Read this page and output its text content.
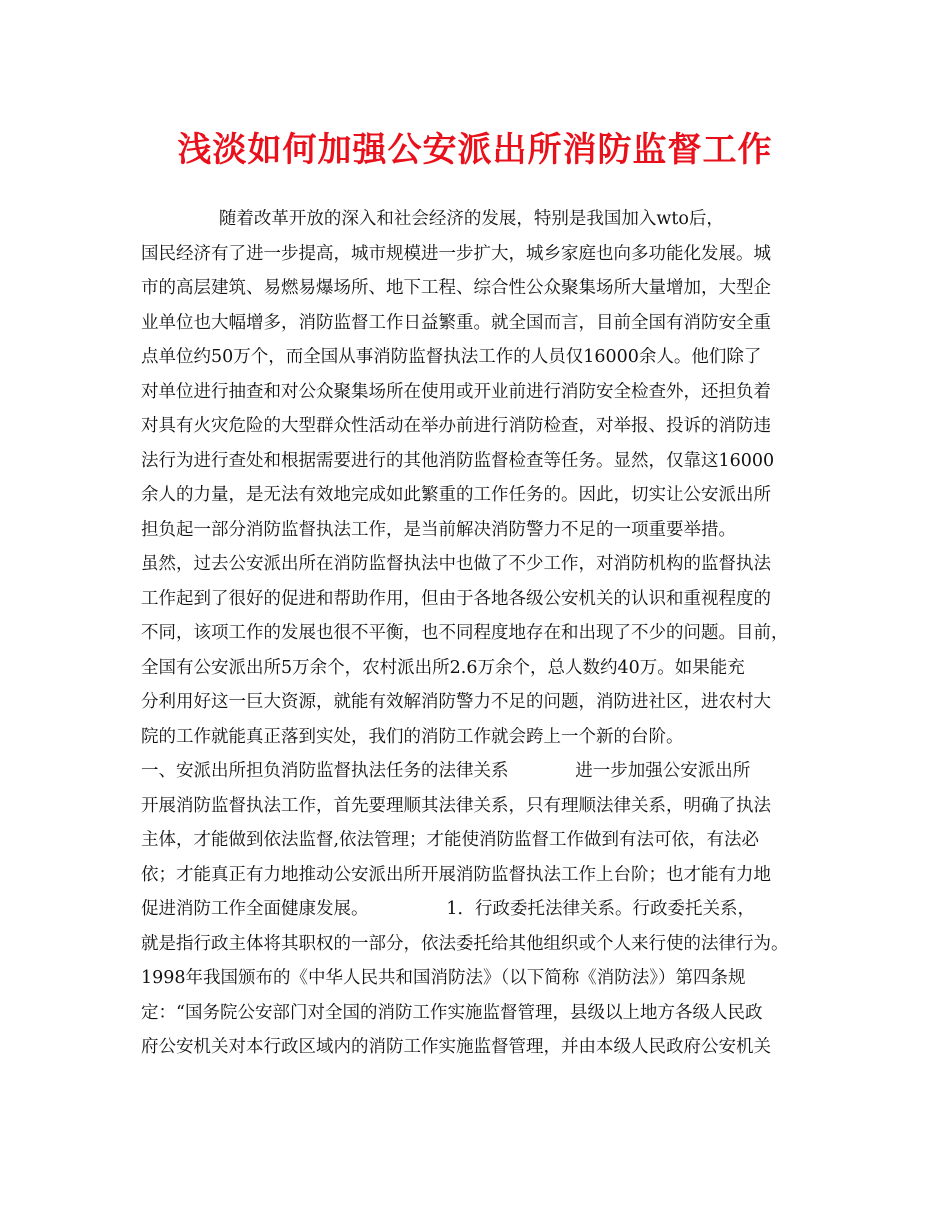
浅淡如何加强公安派出所消防监督工作

随着改革开放的深入和社会经济的发展，特别是我国加入wto后，

国民经济有了进一步提高，城市规模进一步扩大，城乡家庭也向多功能化发展。城

市的高层建筑、易燃易爆场所、地下工程、综合性公众聚集场所大量增加，大型企

业单位也大幅增多，消防监督工作日益繁重。就全国而言，目前全国有消防安全重

点单位约50万个，而全国从事消防监督执法工作的人员仅16000余人。他们除了

对单位进行抽查和对公众聚集场所在使用或开业前进行消防安全检查外，还担负着

对具有火灾危险的大型群众性活动在举办前进行消防检查，对举报、投诉的消防违

法行为进行查处和根据需要进行的其他消防监督检查等任务。显然，仅靠这16000

余人的力量，是无法有效地完成如此繁重的工作任务的。因此，切实让公安派出所

担负起一部分消防监督执法工作，是当前解决消防警力不足的一项重要举措。

虽然，过去公安派出所在消防监督执法中也做了不少工作，对消防机构的监督执法

工作起到了很好的促进和帮助作用，但由于各地各级公安机关的认识和重视程度的

不同，该项工作的发展也很不平衡，也不同程度地存在和出现了不少的问题。目前，

全国有公安派出所5万余个，农村派出所2.6万余个，总人数约40万。如果能充

分利用好这一巨大资源，就能有效解消防警力不足的问题，消防进社区，进农村大

院的工作就能真正落到实处，我们的消防工作就会跨上一个新的台阶。

一、安派出所担负消防监督执法任务的法律关系            进一步加强公安派出所

开展消防监督执法工作，首先要理顺其法律关系，只有理顺法律关系，明确了执法

主体，才能做到依法监督,依法管理；才能使消防监督工作做到有法可依，有法必

依；才能真正有力地推动公安派出所开展消防监督执法工作上台阶；也才能有力地

促进消防工作全面健康发展。              1．行政委托法律关系。行政委托关系，

就是指行政主体将其职权的一部分，依法委托给其他组织或个人来行使的法律行为。

1998年我国颁布的《中华人民共和国消防法》（以下简称《消防法》）第四条规

定：“国务院公安部门对全国的消防工作实施监督管理，县级以上地方各级人民政

府公安机关对本行政区域内的消防工作实施监督管理，并由本级人民政府公安机关
